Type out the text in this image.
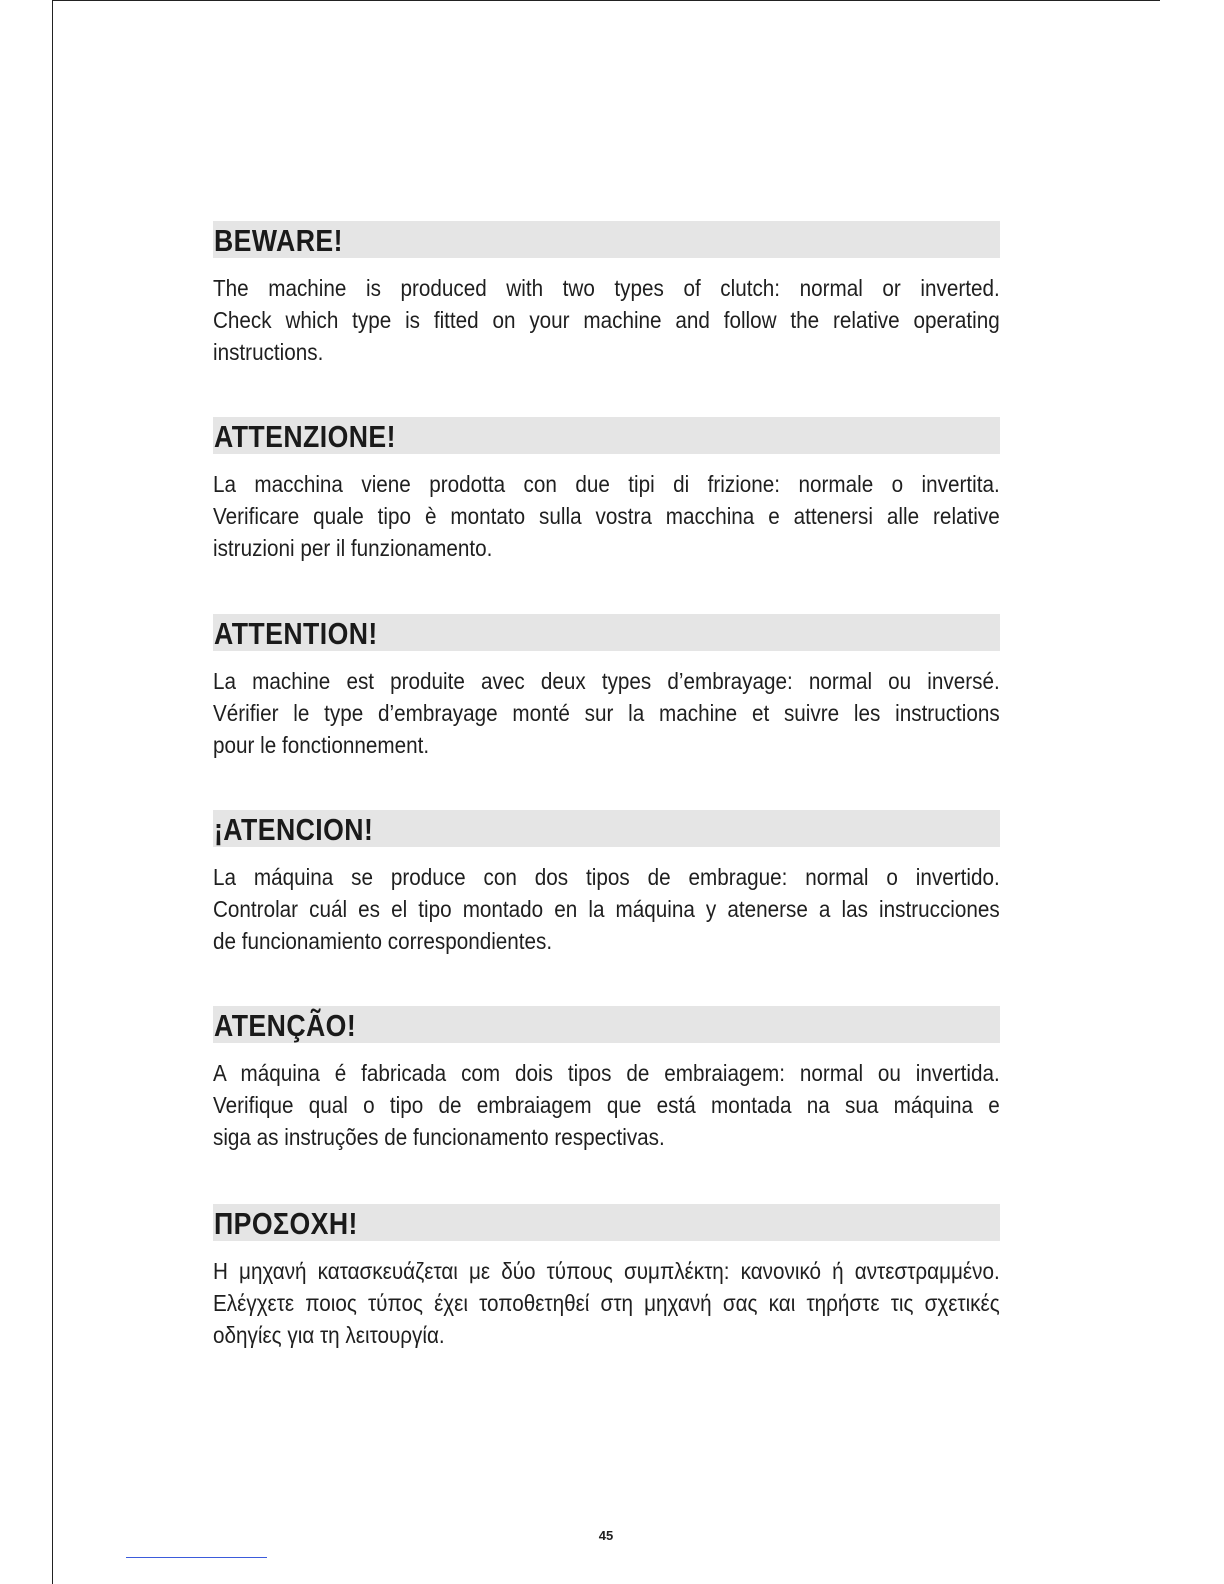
BEWARE!
The machine is produced with two types of clutch: normal or inverted.
Check which type is fitted on your machine and follow the relative operating
instructions.
ATTENZIONE!
La macchina viene prodotta con due tipi di frizione: normale o invertita.
Verificare quale tipo è montato sulla vostra macchina e attenersi alle relative
istruzioni per il funzionamento.
ATTENTION!
La machine est produite avec deux types d’embrayage: normal ou inversé.
Vérifier le type d’embrayage monté sur la machine et suivre les instructions
pour le fonctionnement.
¡ATENCION!
La máquina se produce con dos tipos de embrague: normal o invertido.
Controlar cuál es el tipo montado en la máquina y atenerse a las instrucciones
de funcionamiento correspondientes.
ATENÇÃO!
A máquina é fabricada com dois tipos de embraiagem: normal ou invertida.
Verifique qual o tipo de embraiagem que está montada na sua máquina e
siga as instruções de funcionamento respectivas.
ΠΡΟΣΟΧΗ!
Η μηχανή κατασκευάζεται με δύο τύπους συμπλέκτη: κανονικό ή αντεστραμμένο.
Ελέγχετε ποιος τύπος έχει τοποθετηθεί στη μηχανή σας και τηρήστε τις σχετικές
οδηγίες για τη λειτουργία.
45
